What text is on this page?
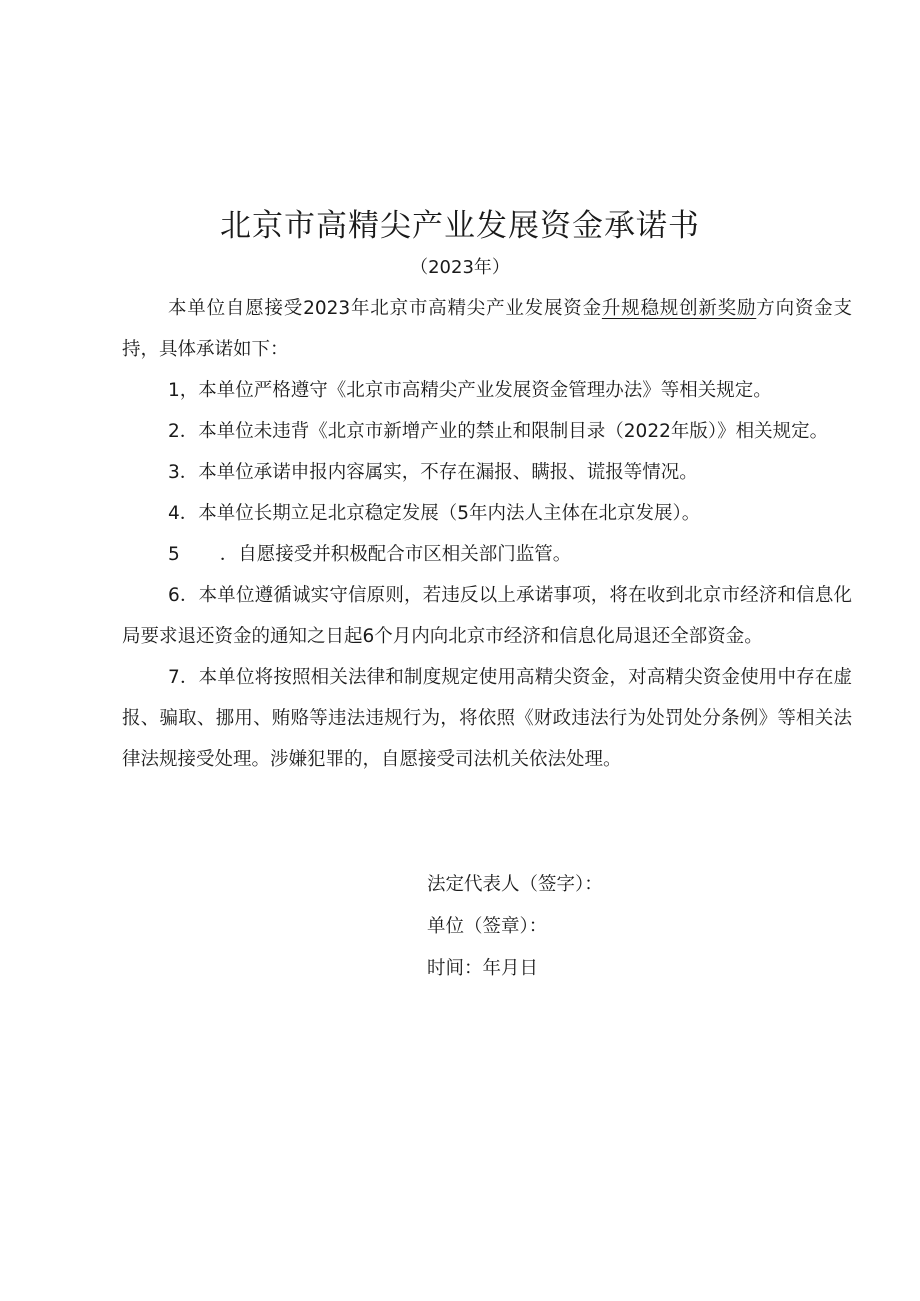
北京市高精尖产业发展资金承诺书
（2023年）

本单位自愿接受2023年北京市高精尖产业发展资金升规稳规创新奖励方向资金支持，具体承诺如下：

1，本单位严格遵守《北京市高精尖产业发展资金管理办法》等相关规定。

2．本单位未违背《北京市新增产业的禁止和限制目录（2022年版）》相关规定。

3．本单位承诺申报内容属实，不存在漏报、瞒报、谎报等情况。

4．本单位长期立足北京稳定发展（5年内法人主体在北京发展）。

5 ．自愿接受并积极配合市区相关部门监管。

6．本单位遵循诚实守信原则，若违反以上承诺事项，将在收到北京市经济和信息化局要求退还资金的通知之日起6个月内向北京市经济和信息化局退还全部资金。

7．本单位将按照相关法律和制度规定使用高精尖资金，对高精尖资金使用中存在虚报、骗取、挪用、贿赂等违法违规行为，将依照《财政违法行为处罚处分条例》等相关法律法规接受处理。涉嫌犯罪的，自愿接受司法机关依法处理。

法定代表人（签字）：
单位（签章）：
时间：年月日
